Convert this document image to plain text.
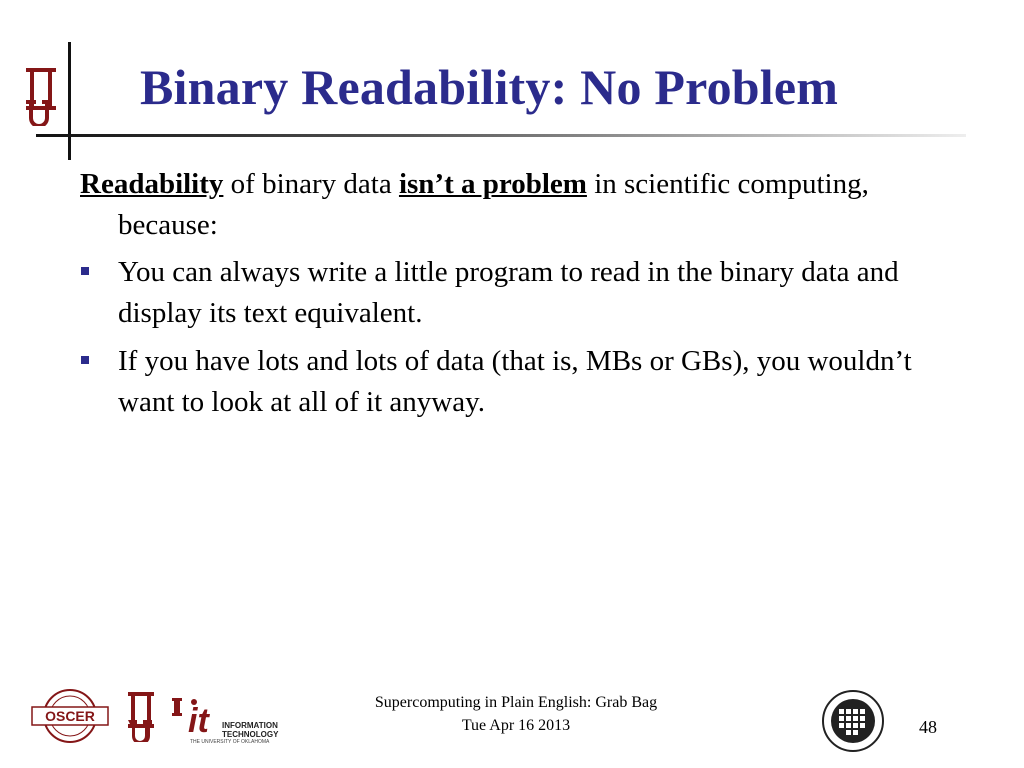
Binary Readability: No Problem

Readability of binary data isn’t a problem in scientific computing, because:

You can always write a little program to read in the binary data and display its text equivalent.
If you have lots and lots of data (that is, MBs or GBs), you wouldn’t want to look at all of it anyway.
OSCER	it INFORMATION
TECHNOLOGY
THE UNIVERSITY OF OKLAHOMA
Supercomputing in Plain English: Grab Bag
Tue Apr 16 2013	48
